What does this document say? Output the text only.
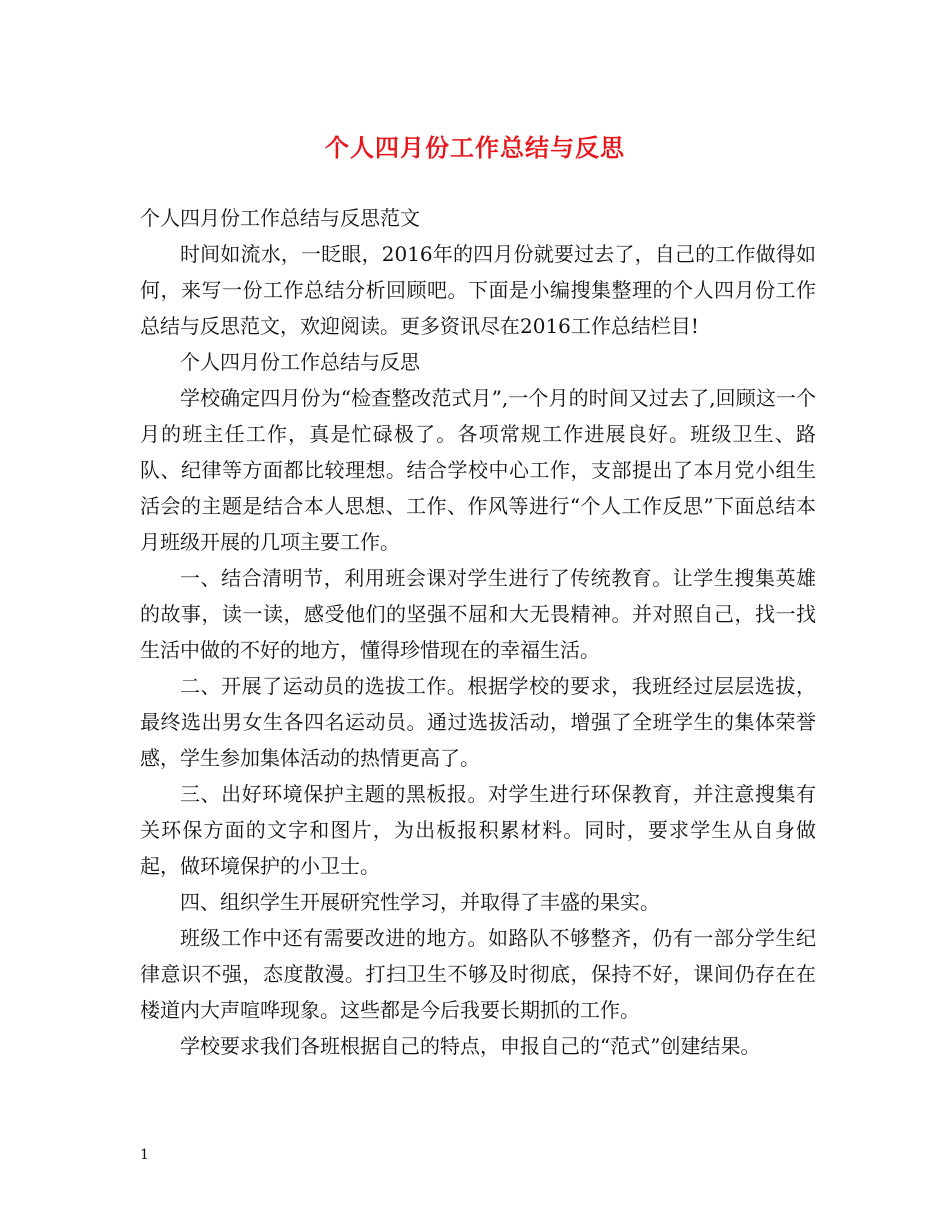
个人四月份工作总结与反思

个人四月份工作总结与反思范文

时间如流水，一眨眼，2016年的四月份就要过去了，自己的工作做得如何，来写一份工作总结分析回顾吧。下面是小编搜集整理的个人四月份工作总结与反思范文，欢迎阅读。更多资讯尽在2016工作总结栏目!

个人四月份工作总结与反思

学校确定四月份为“检查整改范式月”,一个月的时间又过去了,回顾这一个月的班主任工作，真是忙碌极了。各项常规工作进展良好。班级卫生、路队、纪律等方面都比较理想。结合学校中心工作，支部提出了本月党小组生活会的主题是结合本人思想、工作、作风等进行“个人工作反思”下面总结本月班级开展的几项主要工作。

一、结合清明节，利用班会课对学生进行了传统教育。让学生搜集英雄的故事，读一读，感受他们的坚强不屈和大无畏精神。并对照自己，找一找生活中做的不好的地方，懂得珍惜现在的幸福生活。

二、开展了运动员的选拔工作。根据学校的要求，我班经过层层选拔，最终选出男女生各四名运动员。通过选拔活动，增强了全班学生的集体荣誉感，学生参加集体活动的热情更高了。

三、出好环境保护主题的黑板报。对学生进行环保教育，并注意搜集有关环保方面的文字和图片，为出板报积累材料。同时，要求学生从自身做起，做环境保护的小卫士。

四、组织学生开展研究性学习，并取得了丰盛的果实。

班级工作中还有需要改进的地方。如路队不够整齐，仍有一部分学生纪律意识不强，态度散漫。打扫卫生不够及时彻底，保持不好，课间仍存在在楼道内大声喧哗现象。这些都是今后我要长期抓的工作。

学校要求我们各班根据自己的特点，申报自己的“范式”创建结果。

1
